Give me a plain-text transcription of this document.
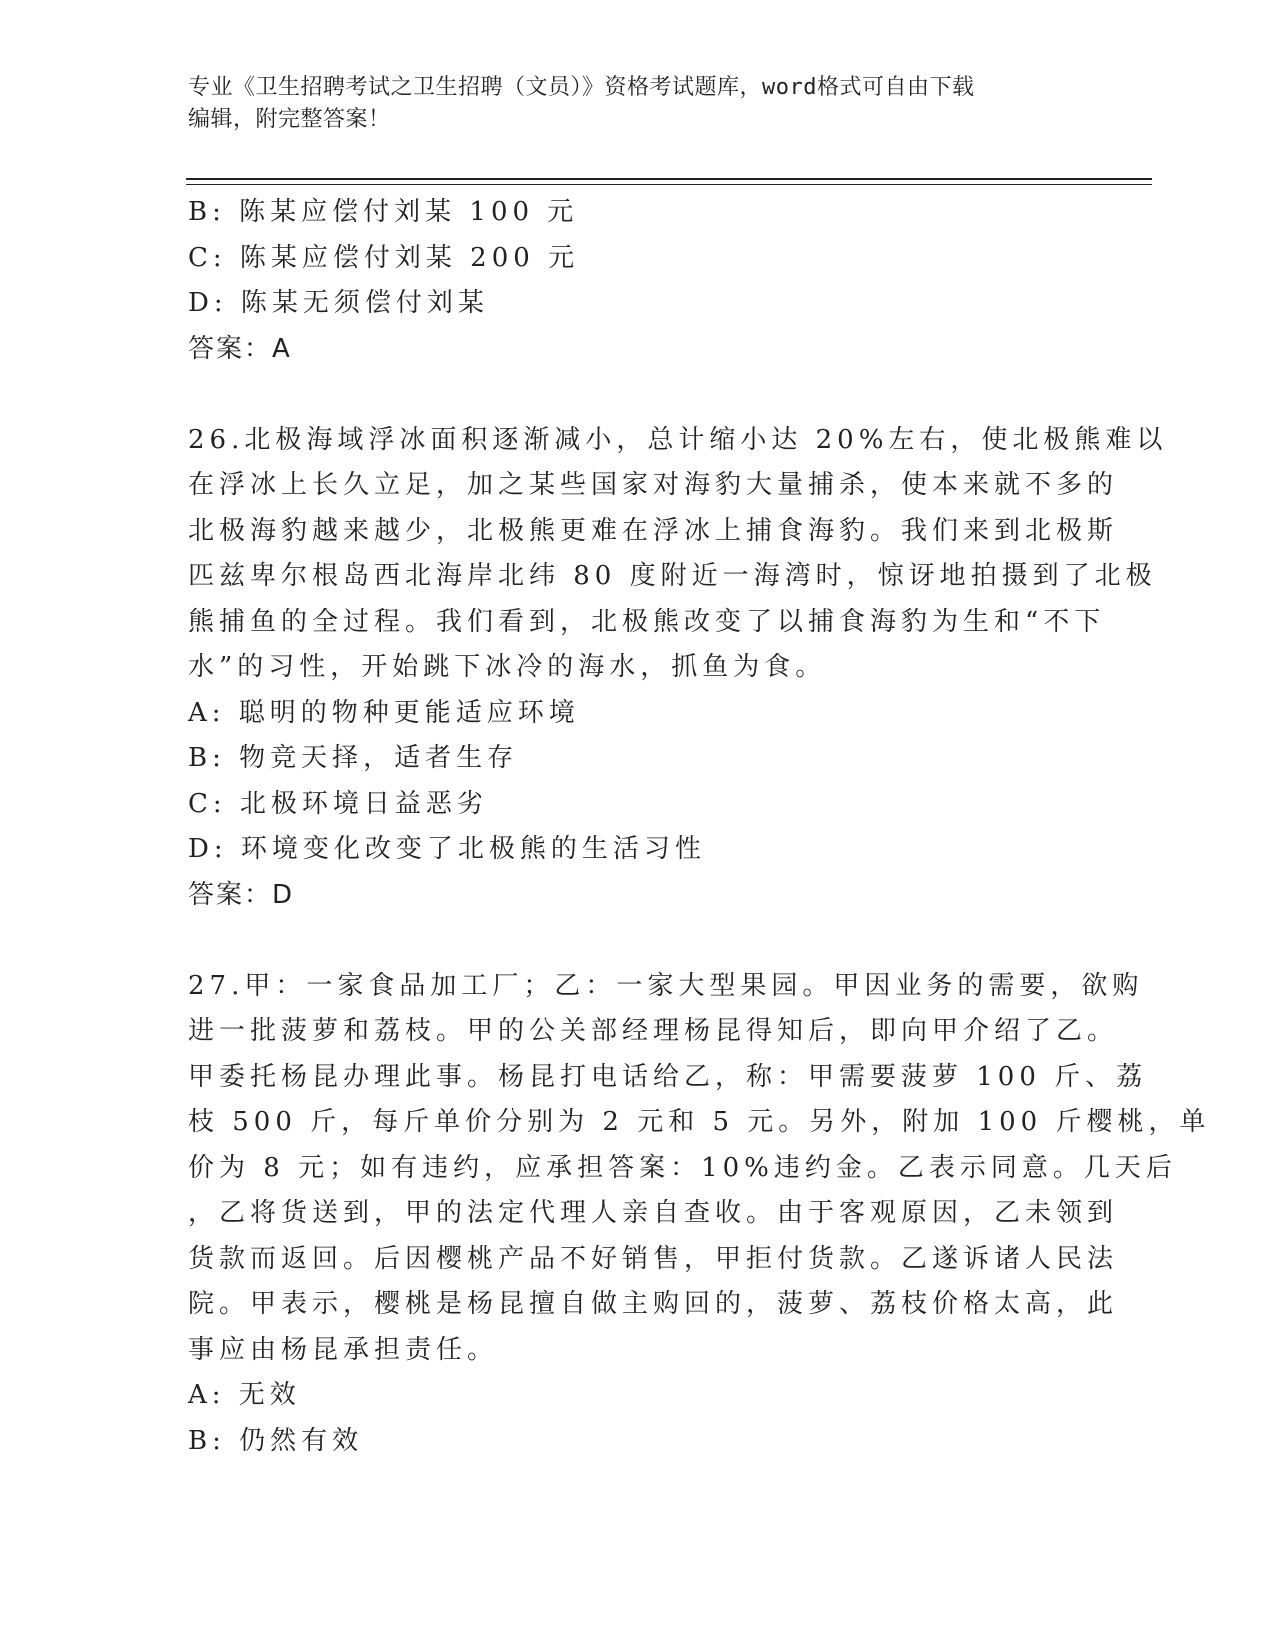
专业《卫生招聘考试之卫生招聘（文员）》资格考试题库，word格式可自由下载
编辑，附完整答案！
B: 陈某应偿付刘某 100 元
C: 陈某应偿付刘某 200 元
D: 陈某无须偿付刘某
答案：A
26.北极海域浮冰面积逐渐减小，总计缩小达 20%左右，使北极熊难以
在浮冰上长久立足，加之某些国家对海豹大量捕杀，使本来就不多的
北极海豹越来越少，北极熊更难在浮冰上捕食海豹。我们来到北极斯
匹兹卑尔根岛西北海岸北纬 80 度附近一海湾时，惊讶地拍摄到了北极
熊捕鱼的全过程。我们看到，北极熊改变了以捕食海豹为生和“不下
水”的习性，开始跳下冰冷的海水，抓鱼为食。
A: 聪明的物种更能适应环境
B: 物竞天择，适者生存
C: 北极环境日益恶劣
D: 环境变化改变了北极熊的生活习性
答案：D
27.甲：一家食品加工厂；乙：一家大型果园。甲因业务的需要，欲购
进一批菠萝和荔枝。甲的公关部经理杨昆得知后，即向甲介绍了乙。
甲委托杨昆办理此事。杨昆打电话给乙，称：甲需要菠萝 100 斤、荔
枝 500 斤，每斤单价分别为 2 元和 5 元。另外，附加 100 斤樱桃，单
价为 8 元；如有违约，应承担答案：10%违约金。乙表示同意。几天后
，乙将货送到，甲的法定代理人亲自查收。由于客观原因，乙未领到
货款而返回。后因樱桃产品不好销售，甲拒付货款。乙遂诉诸人民法
院。甲表示，樱桃是杨昆擅自做主购回的，菠萝、荔枝价格太高，此
事应由杨昆承担责任。
A: 无效
B: 仍然有效
